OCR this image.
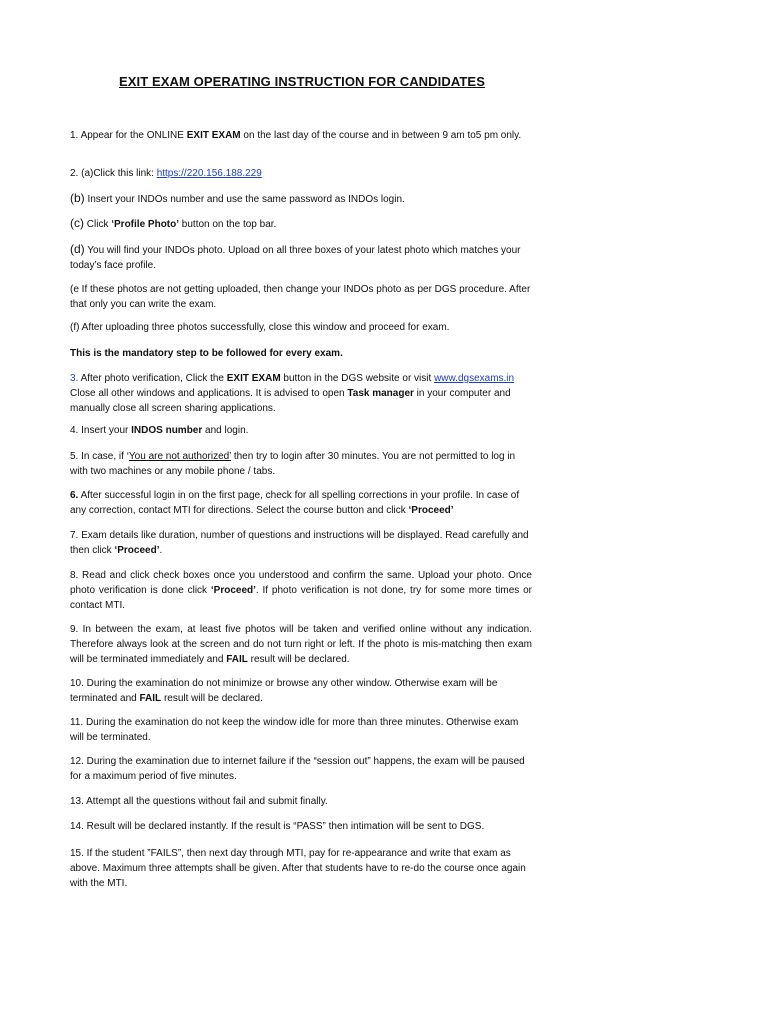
EXIT EXAM OPERATING INSTRUCTION FOR CANDIDATES

1. Appear for the ONLINE EXIT EXAM on the last day of the course and in between 9 am to5 pm only.

2. (a)Click this link: https://220.156.188.229

(b) Insert your INDOs number and use the same password as INDOs login.

(c) Click ‘Profile Photo’ button on the top bar.

(d) You will find your INDOs photo. Upload on all three boxes of your latest photo which matches your today’s face profile.

(e If these photos are not getting uploaded, then change your INDOs photo as per DGS procedure. After that only you can write the exam.

(f) After uploading three photos successfully, close this window and proceed for exam.

This is the mandatory step to be followed for every exam.

3. After photo verification, Click the EXIT EXAM button in the DGS website or visit www.dgsexams.in Close all other windows and applications. It is advised to open Task manager in your computer and manually close all screen sharing applications.

4. Insert your INDOS number and login.

5. In case, if ‘You are not authorized’ then try to login after 30 minutes. You are not permitted to log in with two machines or any mobile phone / tabs.

6. After successful login in on the first page, check for all spelling corrections in your profile. In case of any correction, contact MTI for directions. Select the course button and click ‘Proceed’

7. Exam details like duration, number of questions and instructions will be displayed. Read carefully and then click ‘Proceed’.

8. Read and click check boxes once you understood and confirm the same. Upload your photo. Once photo verification is done click ‘Proceed’. If photo verification is not done, try for some more times or contact MTI.

9. In between the exam, at least five photos will be taken and verified online without any indication. Therefore always look at the screen and do not turn right or left. If the photo is mis-matching then exam will be terminated immediately and FAIL result will be declared.

10. During the examination do not minimize or browse any other window. Otherwise exam will be terminated and FAIL result will be declared.

11. During the examination do not keep the window idle for more than three minutes. Otherwise exam will be terminated.

12. During the examination due to internet failure if the “session out” happens, the exam will be paused for a maximum period of five minutes.

13. Attempt all the questions without fail and submit finally.

14. Result will be declared instantly. If the result is “PASS” then intimation will be sent to DGS.

15. If the student ”FAILS”, then next day through MTI, pay for re-appearance and write that exam as above. Maximum three attempts shall be given. After that students have to re-do the course once again with the MTI.
